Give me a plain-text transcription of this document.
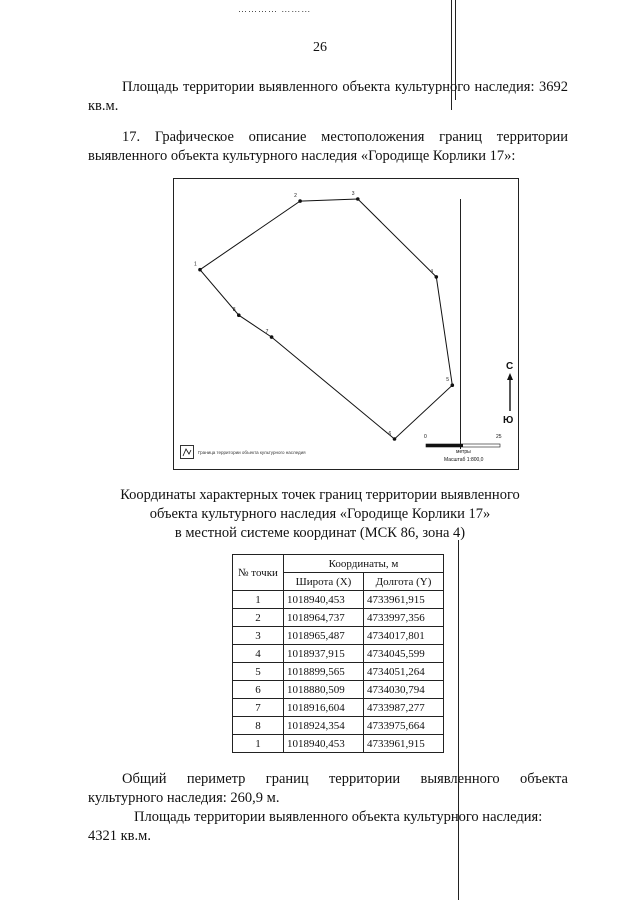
⋯⋯⋯⋯ ⋯⋯⋯
26
Площадь территории выявленного объекта культурного наследия: 3692 кв.м.
17. Графическое описание местоположения границ территории выявленного объекта культурного наследия «Городище Корлики 17»:
1
2	3
4
5
6
7
8
С
Ю
0	25
метры
Масштаб 1:800,0
Граница территории объекта культурного наследия
Координаты характерных точек границ территории выявленного
объекта культурного наследия «Городище Корлики 17»
в местной системе координат (МСК 86, зона 4)
№ точки	Координаты, м	
	Широта (X)	Долгота (Y)
1	1018940,453	4733961,915
2	1018964,737	4733997,356
3	1018965,487	4734017,801
4	1018937,915	4734045,599
5	1018899,565	4734051,264
6	1018880,509	4734030,794
7	1018916,604	4733987,277
8	1018924,354	4733975,664
1	1018940,453	4733961,915
Общий периметр границ территории выявленного объекта
культурного наследия: 260,9 м.
Площадь территории выявленного объекта культурного наследия:
4321 кв.м.
